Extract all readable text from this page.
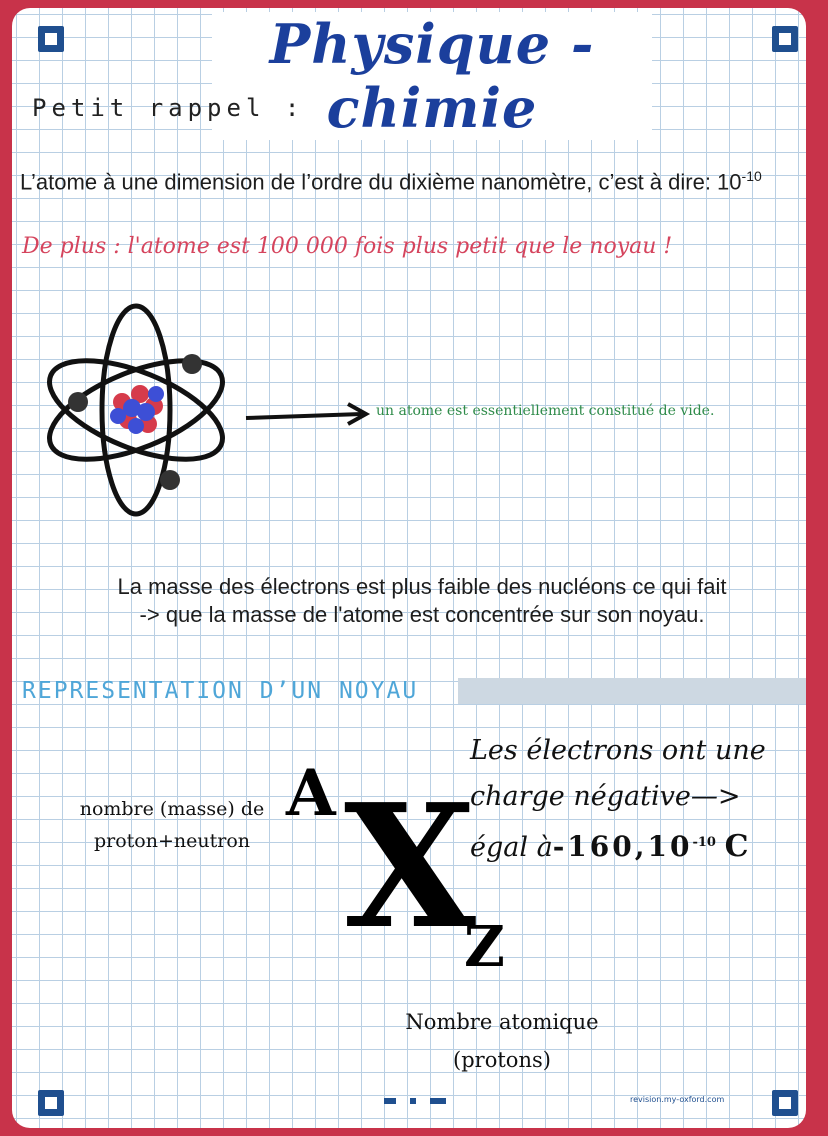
Physique -chimie
Petit rappel :
L’atome à une dimension de l’ordre du dixième nanomètre, c’est à dire: $10^{-10}$
De plus : l'atome est 100 000 fois plus petit que le noyau !
un atome est essentiellement constitué de vide.
La masse des électrons est plus faible des nucléons ce qui fait
-> que la masse de l'atome est concentrée sur son noyau.
REPRESENTATION D’UN NOYAU
nombre (masse) de
proton+neutron
A X
Z
Les électrons ont une
charge négative—>
égal $à-160,10^{-10}$ C
Nombre atomique
(protons)
revision.my-oxford.com
